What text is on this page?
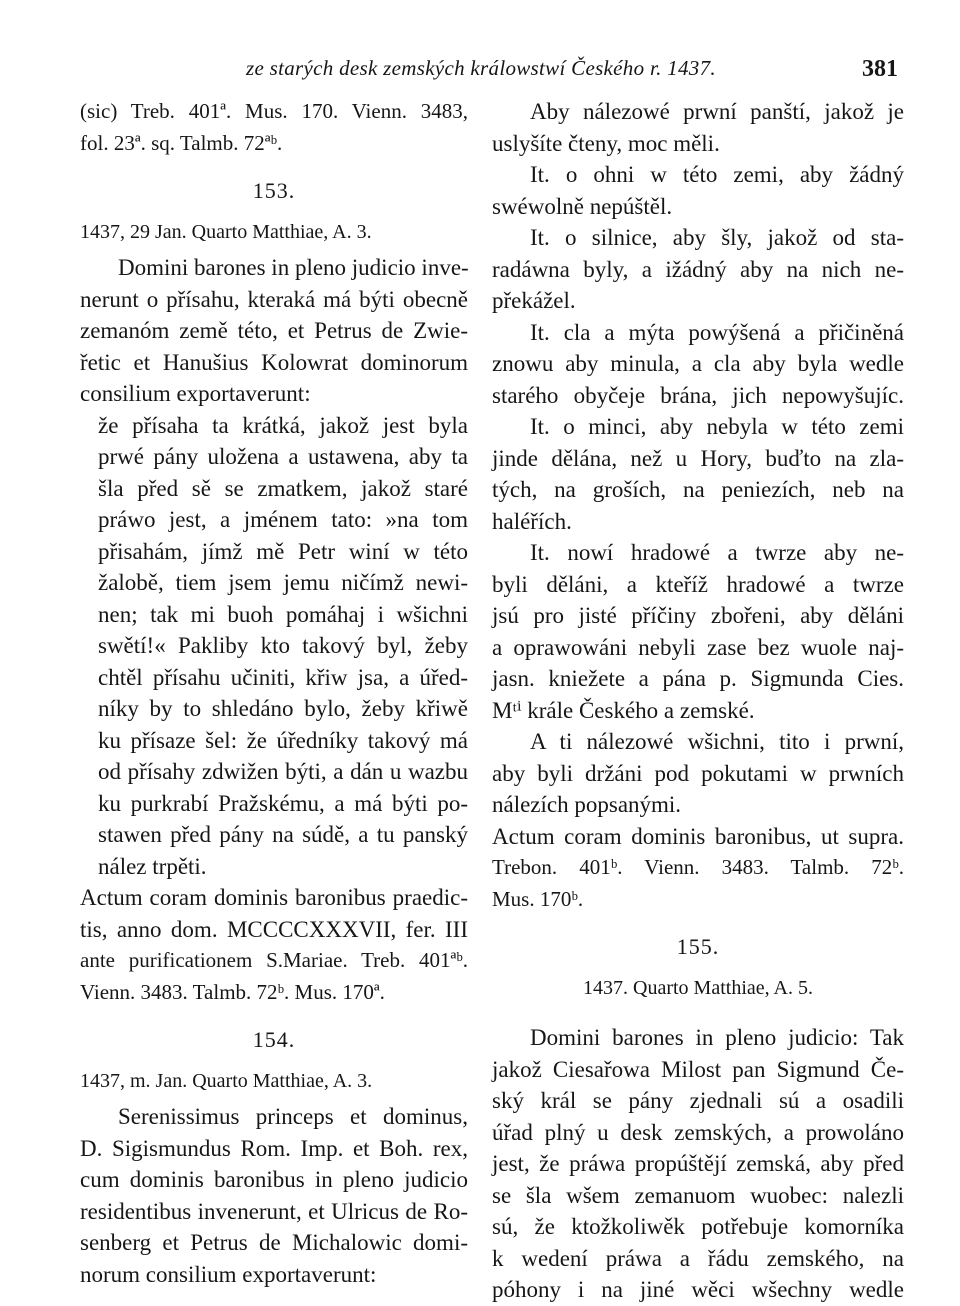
ze starých desk zemských králowstwí Českého r. 1437.	381
(sic) Treb. 401ª. Mus. 170. Vienn. 3483,
fol. 23ª. sq. Talmb. 72ªᵇ.
153.
1437, 29 Jan. Quarto Matthiae, A. 3.
Domini barones in pleno judicio inve-
nerunt o přísahu, kteraká má býti obecně
zemanóm země této, et Petrus de Zwie-
řetic et Hanušius Kolowrat dominorum
consilium exportaverunt:
že přísaha ta krátká, jakož jest byla
prwé pány uložena a ustawena, aby ta
šla před sě se zmatkem, jakož staré
práwo jest, a jménem tato: »na tom
přisahám, jímž mě Petr winí w této
žalobě, tiem jsem jemu ničímž newi-
nen; tak mi buoh pomáhaj i wšichni
swětí!« Pakliby kto takový byl, žeby
chtěl přísahu učiniti, křiw jsa, a úřed-
níky by to shledáno bylo, žeby křiwě
ku přísaze šel: že úředníky takový má
od přísahy zdwižen býti, a dán u wazbu
ku purkrabí Pražskému, a má býti po-
stawen před pány na súdě, a tu panský
nález trpěti.
Actum coram dominis baronibus praedic-
tis, anno dom. MCCCCXXXVII, fer. III
ante purificationem S.Mariae. Treb. 401ªᵇ.
Vienn. 3483. Talmb. 72ᵇ. Mus. 170ª.
154.
1437, m. Jan. Quarto Matthiae, A. 3.
Serenissimus princeps et dominus,
D. Sigismundus Rom. Imp. et Boh. rex,
cum dominis baronibus in pleno judicio
residentibus invenerunt, et Ulricus de Ro-
senberg et Petrus de Michalowic domi-
norum consilium exportaverunt:
Aby nálezowé prwní panští, jakož je
uslyšíte čteny, moc měli.
It. o ohni w této zemi, aby žádný
swéwolně nepúštěl.
It. o silnice, aby šly, jakož od sta-
radáwna byly, a ižádný aby na nich ne-
překážel.
It. cla a mýta powýšená a přičiněná
znowu aby minula, a cla aby byla wedle
starého obyčeje brána, jich nepowyšujíc.
It. o minci, aby nebyla w této zemi
jinde dělána, než u Hory, buďto na zla-
tých, na groších, na peniezích, neb na
haléřích.
It. nowí hradowé a twrze aby ne-
byli děláni, a kteříž hradowé a twrze
jsú pro jisté příčiny zbořeni, aby děláni
a oprawowáni nebyli zase bez wuole naj-
jasn. kniežete a pána p. Sigmunda Cies.
Mᵗⁱ krále Českého a zemské.
A ti nálezowé wšichni, tito i prwní,
aby byli držáni pod pokutami w prwních
nálezích popsanými.
Actum coram dominis baronibus, ut supra.
Trebon. 401ᵇ. Vienn. 3483. Talmb. 72ᵇ.
Mus. 170ᵇ.
155.
1437. Quarto Matthiae, A. 5.
Domini barones in pleno judicio: Tak
jakož Ciesařowa Milost pan Sigmund Če-
ský král se pány zjednali sú a osadili
úřad plný u desk zemských, a prowoláno
jest, že práwa propúštějí zemská, aby před
se šla wšem zemanuom wuobec: nalezli
sú, že ktožkoliwěk potřebuje komorníka
k wedení práwa a řádu zemského, na
póhony i na jiné wěci wšechny wedle
